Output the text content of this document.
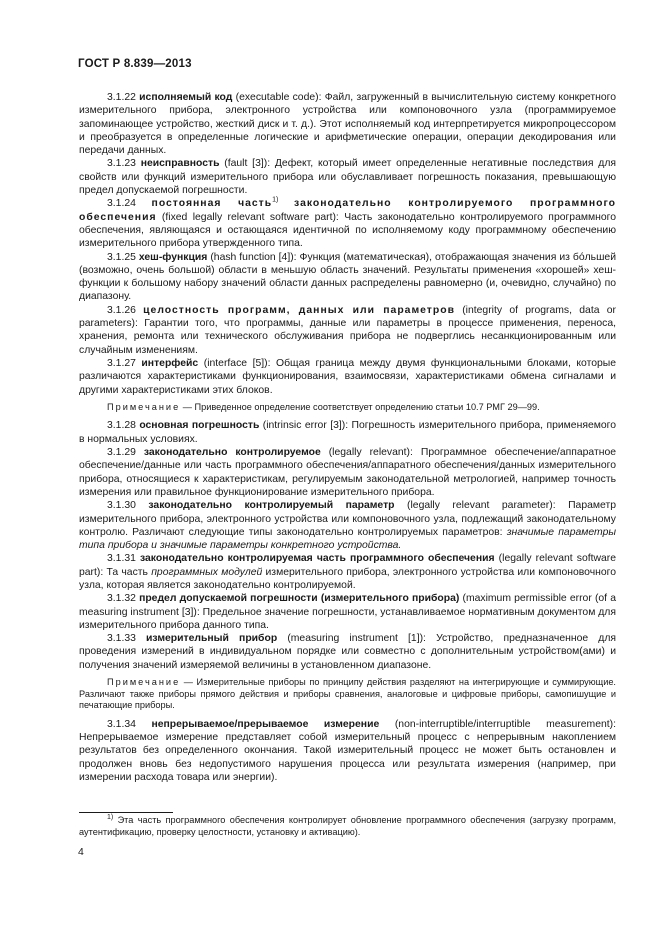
ГОСТ Р 8.839—2013

3.1.22 исполняемый код (executable code): Файл, загруженный в вычислительную систему конкретного измерительного прибора, электронного устройства или компоновочного узла (программируемое запоминающее устройство, жесткий диск и т. д.). Этот исполняемый код интерпретируется микропроцессором и преобразуется в определенные логические и арифметические операции, операции декодирования или передачи данных.

3.1.23 неисправность (fault [3]): Дефект, который имеет определенные негативные последствия для свойств или функций измерительного прибора или обуславливает погрешность показания, превышающую предел допускаемой погрешности.

3.1.24 постоянная часть$^{1)}$ законодательно контролируемого программного обеспечения (fixed legally relevant software part): Часть законодательно контролируемого программного обеспечения, являющаяся и остающаяся идентичной по исполняемому коду программному обеспечению измерительного прибора утвержденного типа.

3.1.25 хеш-функция (hash function [4]): Функция (математическая), отображающая значения из бо́льшей (возможно, очень большой) области в меньшую область значений. Результаты применения «хорошей» хеш-функции к большому набору значений области данных распределены равномерно (и, очевидно, случайно) по диапазону.

3.1.26 целостность программ, данных или параметров (integrity of programs, data or parameters): Гарантии того, что программы, данные или параметры в процессе применения, переноса, хранения, ремонта или технического обслуживания прибора не подверглись несанкционированным или случайным изменениям.

3.1.27 интерфейс (interface [5]): Общая граница между двумя функциональными блоками, которые различаются характеристиками функционирования, взаимосвязи, характеристиками обмена сигналами и другими характеристиками этих блоков.

Примечание — Приведенное определение соответствует определению статьи 10.7 РМГ 29—99.

3.1.28 основная погрешность (intrinsic error [3]): Погрешность измерительного прибора, применяемого в нормальных условиях.

3.1.29 законодательно контролируемое (legally relevant): Программное обеспечение/аппаратное обеспечение/данные или часть программного обеспечения/аппаратного обеспечения/данных измерительного прибора, относящиеся к характеристикам, регулируемым законодательной метрологией, например точность измерения или правильное функционирование измерительного прибора.

3.1.30 законодательно контролируемый параметр (legally relevant parameter): Параметр измерительного прибора, электронного устройства или компоновочного узла, подлежащий законодательному контролю. Различают следующие типы законодательно контролируемых параметров: значимые параметры типа прибора и значимые параметры конкретного устройства.

3.1.31 законодательно контролируемая часть программного обеспечения (legally relevant software part): Та часть программных модулей измерительного прибора, электронного устройства или компоновочного узла, которая является законодательно контролируемой.

3.1.32 предел допускаемой погрешности (измерительного прибора) (maximum permissible error (of a measuring instrument [3]): Предельное значение погрешности, устанавливаемое нормативным документом для измерительного прибора данного типа.

3.1.33 измерительный прибор (measuring instrument [1]): Устройство, предназначенное для проведения измерений в индивидуальном порядке или совместно с дополнительным устройством(ами) и получения значений измеряемой величины в установленном диапазоне.

Примечание — Измерительные приборы по принципу действия разделяют на интегрирующие и суммирующие. Различают также приборы прямого действия и приборы сравнения, аналоговые и цифровые приборы, самопишущие и печатающие приборы.

3.1.34 непрерываемое/прерываемое измерение (non-interruptible/interruptible measurement): Непрерываемое измерение представляет собой измерительный процесс с непрерывным накоплением результатов без определенного окончания. Такой измерительный процесс не может быть остановлен и продолжен вновь без недопустимого нарушения процесса или результата измерения (например, при измерении расхода товара или энергии).

$^{1)}$ Эта часть программного обеспечения контролирует обновление программного обеспечения (загрузку программ, аутентификацию, проверку целостности, установку и активацию).

4
